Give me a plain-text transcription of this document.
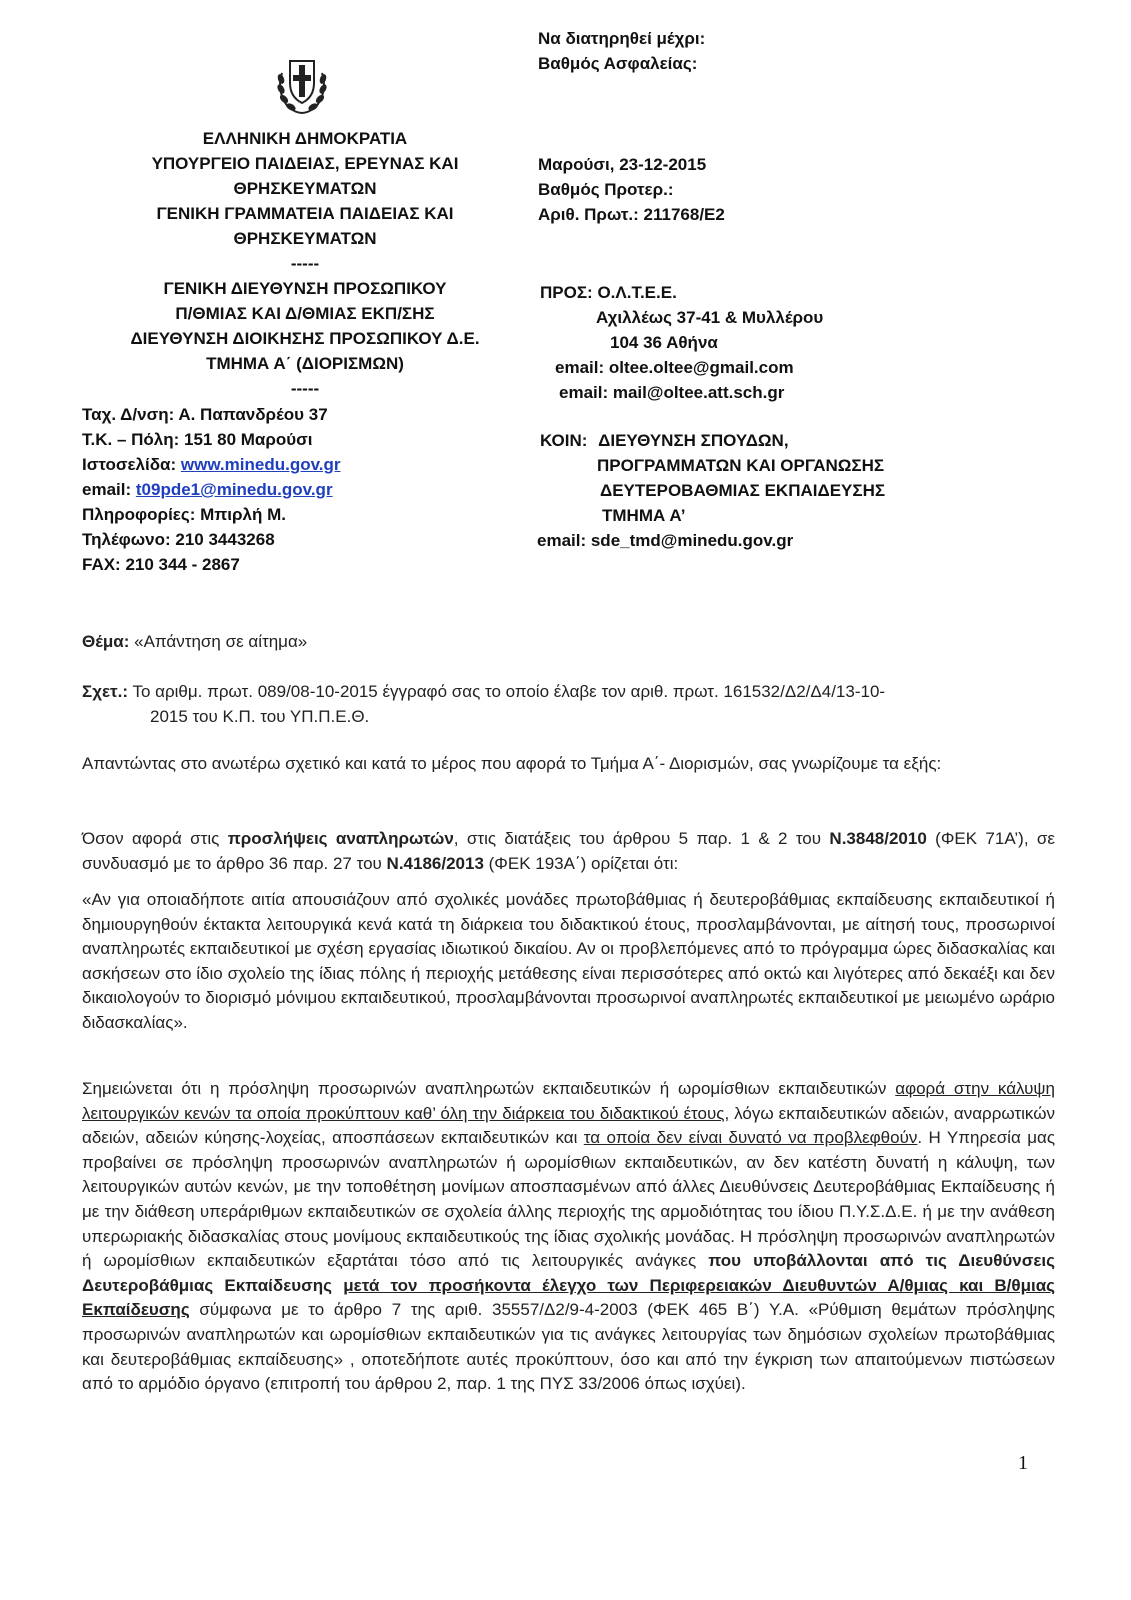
ΕΛΛΗΝΙΚΗ ΔΗΜΟΚΡΑΤΙΑ
ΥΠΟΥΡΓΕΙΟ ΠΑΙΔΕΙΑΣ, ΕΡΕΥΝΑΣ ΚΑΙ
ΘΡΗΣΚΕΥΜΑΤΩΝ
ΓΕΝΙΚΗ ΓΡΑΜΜΑΤΕΙΑ ΠΑΙΔΕΙΑΣ ΚΑΙ
ΘΡΗΣΚΕΥΜΑΤΩΝ
-----
ΓΕΝΙΚΗ ΔΙΕΥΘΥΝΣΗ ΠΡΟΣΩΠΙΚΟΥ
Π/ΘΜΙΑΣ ΚΑΙ Δ/ΘΜΙΑΣ ΕΚΠ/ΣΗΣ
ΔΙΕΥΘΥΝΣΗ ΔΙΟΙΚΗΣΗΣ ΠΡΟΣΩΠΙΚΟΥ Δ.Ε.
ΤΜΗΜΑ Α΄ (ΔΙΟΡΙΣΜΩΝ)
-----
Ταχ. Δ/νση: Α. Παπανδρέου 37
Τ.Κ. – Πόλη: 151 80 Μαρούσι
Ιστοσελίδα: www.minedu.gov.gr
email: t09pde1@minedu.gov.gr
Πληροφορίες: Μπιρλή Μ.
Τηλέφωνο: 210 3443268
FAX: 210 344 - 2867
Να διατηρηθεί μέχρι:
Βαθμός Ασφαλείας:
Μαρούσι, 23-12-2015
Βαθμός Προτερ.:
Αριθ. Πρωτ.: 211768/Ε2
ΠΡΟΣ: Ο.Λ.Τ.Ε.Ε.
Αχιλλέως 37-41 & Μυλλέρου
104 36 Αθήνα
email: oltee.oltee@gmail.com
email: mail@oltee.att.sch.gr
ΚΟΙΝ: ΔΙΕΥΘΥΝΣΗ ΣΠΟΥΔΩΝ,
ΠΡΟΓΡΑΜΜΑΤΩΝ ΚΑΙ ΟΡΓΑΝΩΣΗΣ
ΔΕΥΤΕΡΟΒΑΘΜΙΑΣ ΕΚΠΑΙΔΕΥΣΗΣ
ΤΜΗΜΑ Α’
email: sde_tmd@minedu.gov.gr
Θέμα: «Απάντηση σε αίτημα»
Σχετ.: Το αριθμ. πρωτ. 089/08-10-2015 έγγραφό σας το οποίο έλαβε τον αριθ. πρωτ. 161532/Δ2/Δ4/13-10-
2015 του Κ.Π. του ΥΠ.Π.Ε.Θ.
Απαντώντας στο ανωτέρω σχετικό και κατά το μέρος που αφορά το Τμήμα Α΄- Διορισμών, σας γνωρίζουμε τα εξής:
Όσον αφορά στις προσλήψεις αναπληρωτών, στις διατάξεις του άρθρου 5 παρ. 1 & 2 του Ν.3848/2010 (ΦΕΚ 71Α’), σε συνδυασμό με το άρθρο 36 παρ. 27 του Ν.4186/2013 (ΦΕΚ 193Α΄) ορίζεται ότι:
«Αν για οποιαδήποτε αιτία απουσιάζουν από σχολικές μονάδες πρωτοβάθμιας ή δευτεροβάθμιας εκπαίδευσης εκπαιδευτικοί ή δημιουργηθούν έκτακτα λειτουργικά κενά κατά τη διάρκεια του διδακτικού έτους, προσλαμβάνονται, με αίτησή τους, προσωρινοί αναπληρωτές εκπαιδευτικοί με σχέση εργασίας ιδιωτικού δικαίου. Αν οι προβλεπόμενες από το πρόγραμμα ώρες διδασκαλίας και ασκήσεων στο ίδιο σχολείο της ίδιας πόλης ή περιοχής μετάθεσης είναι περισσότερες από οκτώ και λιγότερες από δεκαέξι και δεν δικαιολογούν το διορισμό μόνιμου εκπαιδευτικού, προσλαμβάνονται προσωρινοί αναπληρωτές εκπαιδευτικοί με μειωμένο ωράριο διδασκαλίας».
Σημειώνεται ότι η πρόσληψη προσωρινών αναπληρωτών εκπαιδευτικών ή ωρομίσθιων εκπαιδευτικών αφορά στην κάλυψη λειτουργικών κενών τα οποία προκύπτουν καθ’ όλη την διάρκεια του διδακτικού έτους, λόγω εκπαιδευτικών αδειών, αναρρωτικών αδειών, αδειών κύησης-λοχείας, αποσπάσεων εκπαιδευτικών και τα οποία δεν είναι δυνατό να προβλεφθούν. Η Υπηρεσία μας προβαίνει σε πρόσληψη προσωρινών αναπληρωτών ή ωρομίσθιων εκπαιδευτικών, αν δεν κατέστη δυνατή η κάλυψη, των λειτουργικών αυτών κενών, με την τοποθέτηση μονίμων αποσπασμένων από άλλες Διευθύνσεις Δευτεροβάθμιας Εκπαίδευσης ή με την διάθεση υπεράριθμων εκπαιδευτικών σε σχολεία άλλης περιοχής της αρμοδιότητας του ίδιου Π.Υ.Σ.Δ.Ε. ή με την ανάθεση υπερωριακής διδασκαλίας στους μονίμους εκπαιδευτικούς της ίδιας σχολικής μονάδας. Η πρόσληψη προσωρινών αναπληρωτών ή ωρομίσθιων εκπαιδευτικών εξαρτάται τόσο από τις λειτουργικές ανάγκες που υποβάλλονται από τις Διευθύνσεις Δευτεροβάθμιας Εκπαίδευσης μετά τον προσήκοντα έλεγχο των Περιφερειακών Διευθυντών Α/θμιας και Β/θμιας Εκπαίδευσης σύμφωνα με το άρθρο 7 της αριθ. 35557/Δ2/9-4-2003 (ΦΕΚ 465 Β΄) Υ.Α. «Ρύθμιση θεμάτων πρόσληψης προσωρινών αναπληρωτών και ωρομίσθιων εκπαιδευτικών για τις ανάγκες λειτουργίας των δημόσιων σχολείων πρωτοβάθμιας και δευτεροβάθμιας εκπαίδευσης» , οποτεδήποτε αυτές προκύπτουν, όσο και από την έγκριση των απαιτούμενων πιστώσεων από το αρμόδιο όργανο (επιτροπή του άρθρου 2, παρ. 1 της ΠΥΣ 33/2006 όπως ισχύει).
1
